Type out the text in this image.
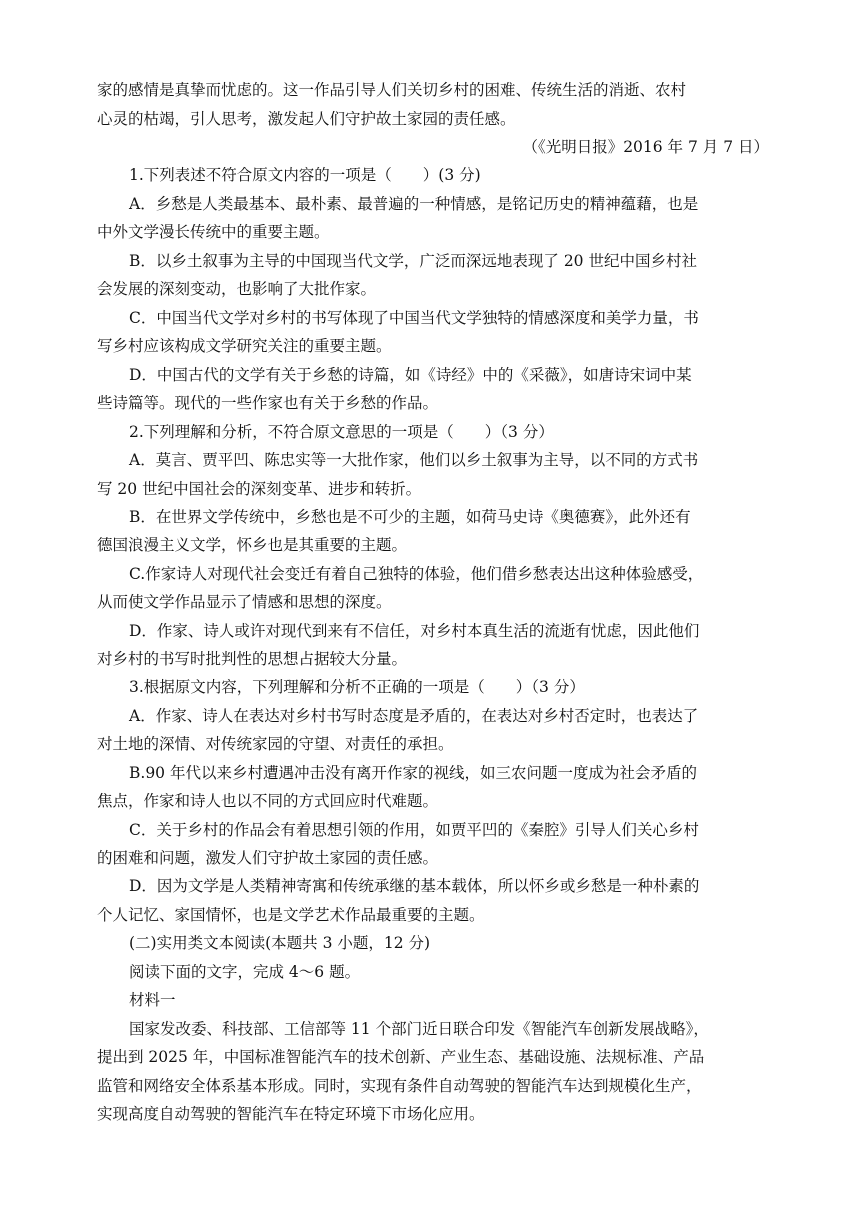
家的感情是真挚而忧虑的。这一作品引导人们关切乡村的困难、传统生活的消逝、农村
心灵的枯竭，引人思考，激发起人们守护故土家园的责任感。
（《光明日报》2016 年 7 月 7 日）
1.下列表述不符合原文内容的一项是（　　）(3 分)
A．乡愁是人类最基本、最朴素、最普遍的一种情感，是铭记历史的精神蕴藉，也是
中外文学漫长传统中的重要主题。
B．以乡土叙事为主导的中国现当代文学，广泛而深远地表现了 20 世纪中国乡村社
会发展的深刻变动，也影响了大批作家。
C．中国当代文学对乡村的书写体现了中国当代文学独特的情感深度和美学力量，书
写乡村应该构成文学研究关注的重要主题。
D．中国古代的文学有关于乡愁的诗篇，如《诗经》中的《采薇》，如唐诗宋词中某
些诗篇等。现代的一些作家也有关于乡愁的作品。
2.下列理解和分析，不符合原文意思的一项是（　　）（3 分）
A．莫言、贾平凹、陈忠实等一大批作家，他们以乡土叙事为主导，以不同的方式书
写 20 世纪中国社会的深刻变革、进步和转折。
B．在世界文学传统中，乡愁也是不可少的主题，如荷马史诗《奥德赛》，此外还有
德国浪漫主义文学，怀乡也是其重要的主题。
C.作家诗人对现代社会变迁有着自己独特的体验，他们借乡愁表达出这种体验感受，
从而使文学作品显示了情感和思想的深度。
D．作家、诗人或许对现代到来有不信任，对乡村本真生活的流逝有忧虑，因此他们
对乡村的书写时批判性的思想占据较大分量。
3.根据原文内容，下列理解和分析不正确的一项是（　　）（3 分）
A．作家、诗人在表达对乡村书写时态度是矛盾的，在表达对乡村否定时，也表达了
对土地的深情、对传统家园的守望、对责任的承担。
B.90 年代以来乡村遭遇冲击没有离开作家的视线，如三农问题一度成为社会矛盾的
焦点，作家和诗人也以不同的方式回应时代难题。
C．关于乡村的作品会有着思想引领的作用，如贾平凹的《秦腔》引导人们关心乡村
的困难和问题，激发人们守护故土家园的责任感。
D．因为文学是人类精神寄寓和传统承继的基本载体，所以怀乡或乡愁是一种朴素的
个人记忆、家国情怀，也是文学艺术作品最重要的主题。
(二)实用类文本阅读(本题共 3 小题，12 分)
阅读下面的文字，完成 4～6 题。
材料一
国家发改委、科技部、工信部等 11 个部门近日联合印发《智能汽车创新发展战略》，
提出到 2025 年，中国标准智能汽车的技术创新、产业生态、基础设施、法规标准、产品
监管和网络安全体系基本形成。同时，实现有条件自动驾驶的智能汽车达到规模化生产，
实现高度自动驾驶的智能汽车在特定环境下市场化应用。
